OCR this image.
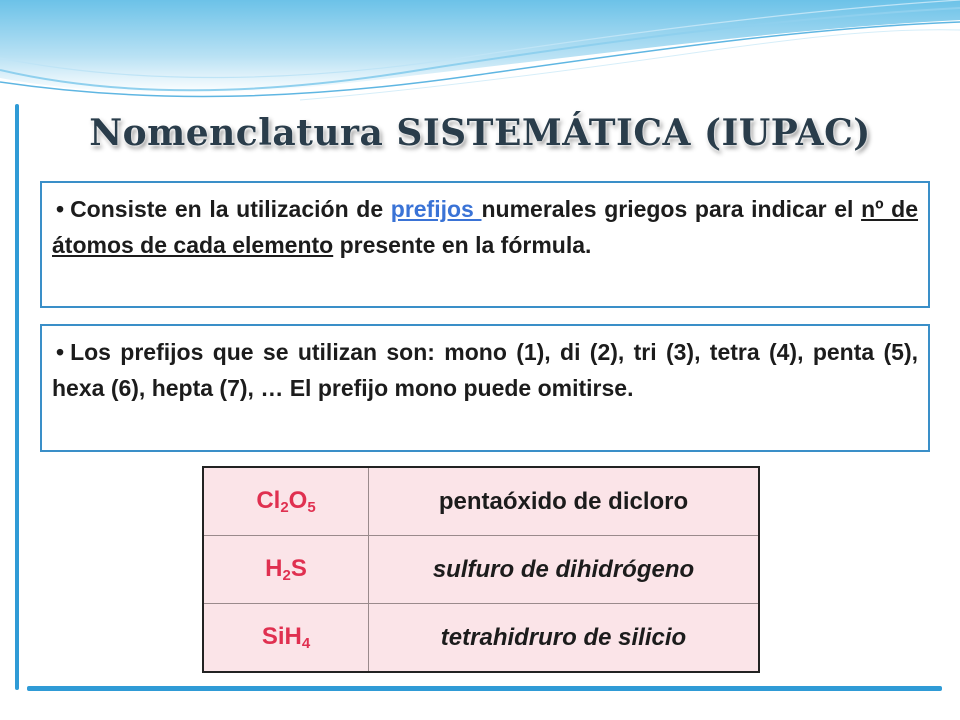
Nomenclatura SISTEMÁTICA (IUPAC)
• Consiste en la utilización de prefijos numerales griegos para indicar el nº de átomos de cada elemento presente en la fórmula.
• Los prefijos que se utilizan son: mono (1), di (2), tri (3), tetra (4), penta (5), hexa (6), hepta (7), … El prefijo mono puede omitirse.
$Cl_2O_5$	pentaóxido de dicloro
$H_2S$	sulfuro de dihidrógeno
SiH$_4$	tetrahidruro de silicio
